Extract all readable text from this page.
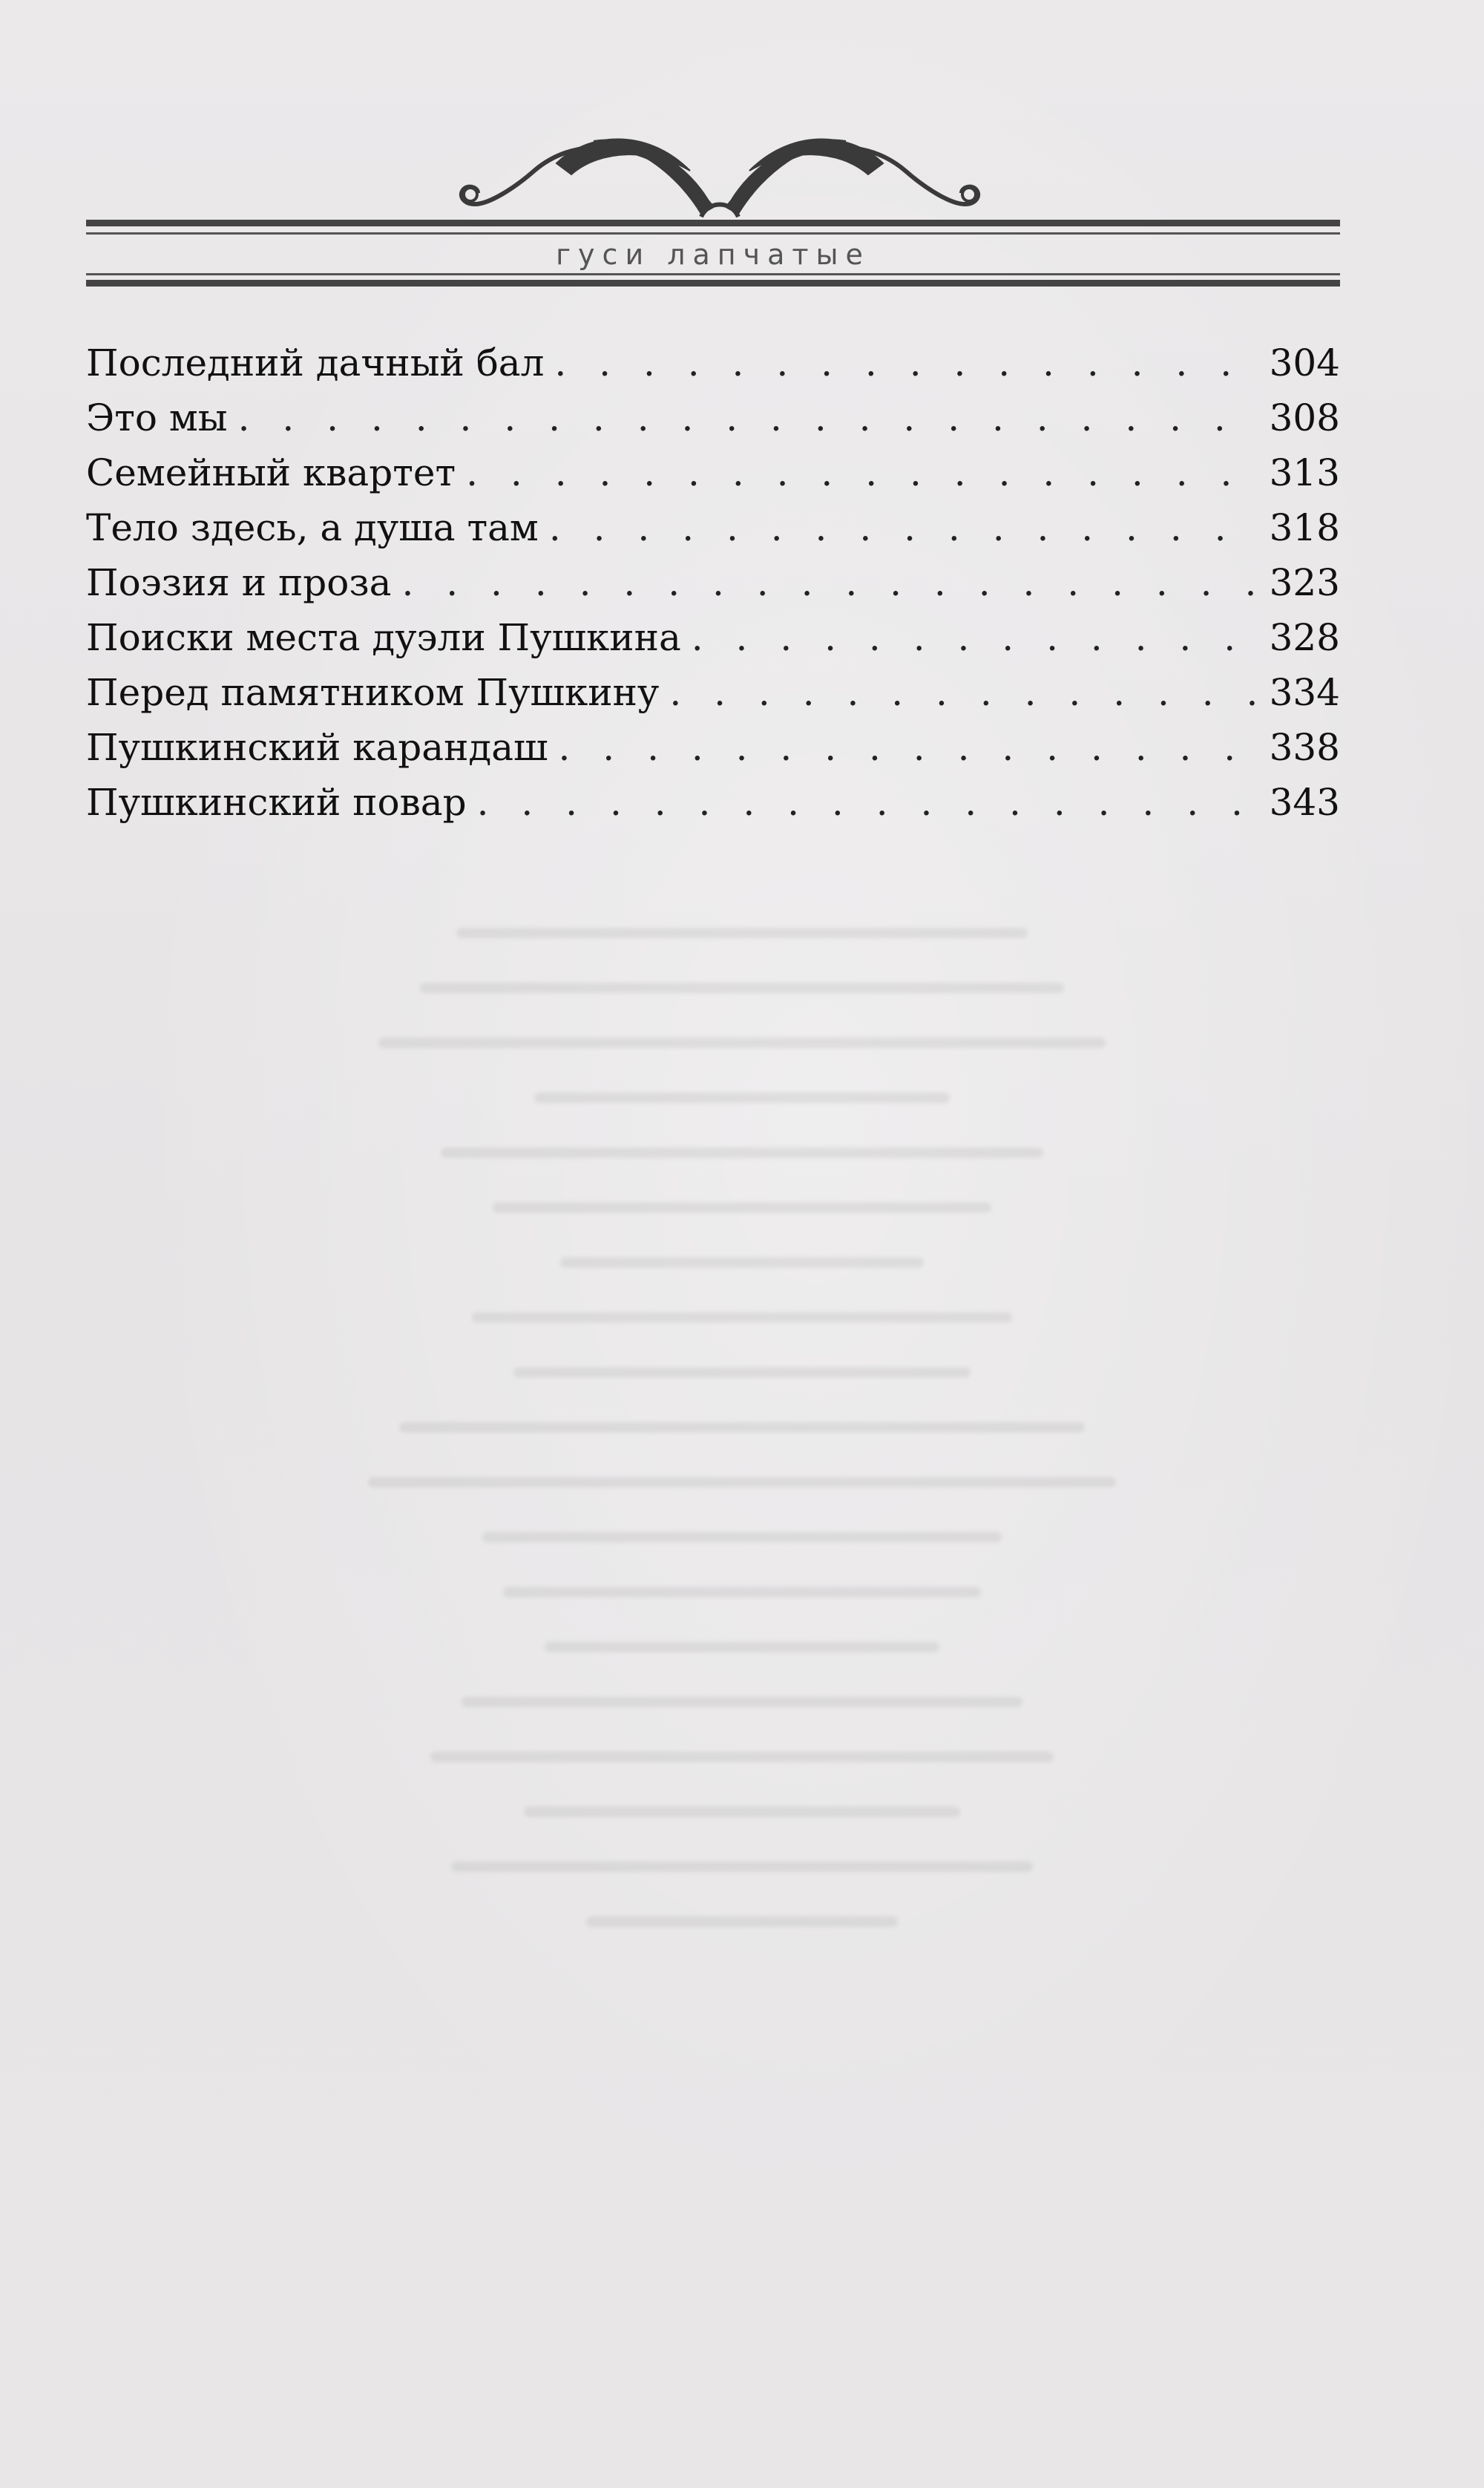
гуси лапчатые
Последний дачный бал . . .	304
Это мы . . .	308
Семейный квартет . . .	313
Тело здесь, а душа там . . .	318
Поэзия и проза . . .	323
Поиски места дуэли Пушкина . . .	328
Перед памятником Пушкину . . .	334
Пушкинский карандаш . . .	338
Пушкинский повар . . .	343
